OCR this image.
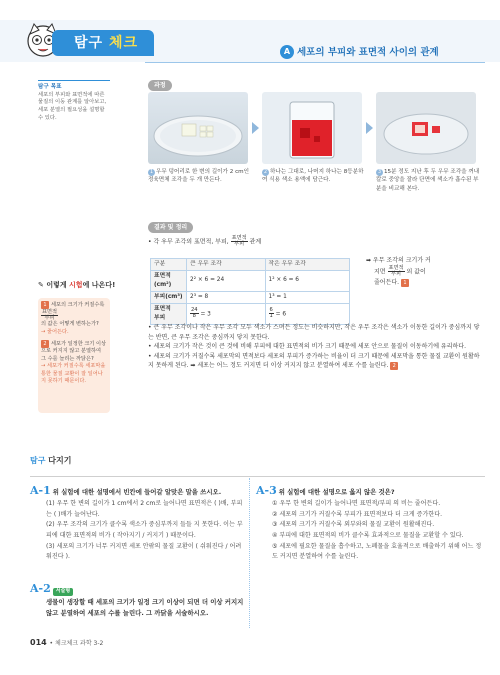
탐구 체크
A 세포의 부피와 표면적 사이의 관계
탐구 목표
세포의 부피와 표면적에 따른 물질의 이동 관계를 알아보고, 세포 분열의 필요성을 설명할 수 있다.
과정
1 우무 덩어리로 한 변의 길이가 2 cm인 정육면체 조각을 두 개 만든다.
2 하나는 그대로, 나머지 하나는 8등분하여 식용 색소 용액에 담근다.
3 15분 정도 지난 후 두 우무 조각을 꺼내 칼로 중앙을 잘라 단면에 색소가 흡수된 부분을 비교해 본다.
결과 및 정리
• 각 우무 조각의 표면적, 부피, $\frac{\text{표면적}}{\text{부피}}$ 관계
구분	큰 우무 조각	작은 우무 조각
표면적(cm²)	2² × 6 = 24	1² × 6 = 6
부피(cm³)	2³ = 8	1³ = 1
표면적
부피	$\frac{24}{8} = 3$	$\frac{6}{1} = 6$
➡ 우무 조각의 크기가 커
지면 $\frac{\text{표면적}}{\text{부피}}$ 의 값이
줄어든다. 1
• 큰 우무 조각이나 작은 우무 조각 모두 색소가 스며든 정도는 비슷하지만, 작은 우무 조각은 색소가 이동한 길이가 중심까지 닿는 반면, 큰 우무 조각은 중심까지 닿지 못한다.
• 세포의 크기가 작은 것이 큰 것에 비해 부피에 대한 표면적의 비가 크기 때문에 세포 안으로 물질이 이동하기에 유리하다.
• 세포의 크기가 커질수록 세포막의 면적보다 세포의 부피가 증가하는 비율이 더 크기 때문에 세포막을 통한 물질 교환이 원활하지 못하게 된다. ➡ 세포는 어느 정도 커지면 더 이상 커지지 않고 분열하여 세포 수를 늘린다. 2
✎ 이렇게 시험에 나온다!
1 세포의 크기가 커질수록
$\frac{\text{표면적}}{\text{부피}}$
의 값은 어떻게 변하는가?
→ 줄어든다.
2 세포가 일정한 크기 이상으로 커지지 않고 분열하여 그 수를 늘리는 까닭은?
→ 세포가 커질수록 세포막을 통한 물질 교환이 잘 일어나지 못하기 때문이다.
탐구 다지기
A-1 위 실험에 대한 설명에서 빈칸에 들어갈 알맞은 말을 쓰시오.
(1) 우무 한 변의 길이가 1 cm에서 2 cm로 늘어나면 표면적은 ( )배, 부피는 ( )배가 늘어난다.
(2) 우무 조각의 크기가 클수록 색소가 중심부까지 들들 지 못한다. 이는 부피에 대한 표면적의 비가 ( 작아지기 / 커지기 ) 때문이다.
(3) 세포의 크기가 너무 커지면 세포 안팎의 물질 교환이 ( 쉬워진다 / 어려워진다 ).
A-2 서술형
생물이 생장할 때 세포의 크기가 일정 크기 이상이 되면 더 이상 커지지 않고 분열하여 세포의 수를 늘린다. 그 까닭을 서술하시오.
A-3 위 실험에 대한 설명으로 옳지 않은 것은?
① 우무 한 변의 길이가 늘어나면 표면적/부피 의 비는 줄어든다.
② 세포의 크기가 커질수록 부피가 표면적보다 더 크게 증가한다.
③ 세포의 크기가 커질수록 외부와의 물질 교환이 원활해진다.
④ 부피에 대한 표면적의 비가 클수록 효과적으로 물질을 교환할 수 있다.
⑤ 세포에 필요한 물질을 흡수하고, 노폐물을 효율적으로 배출하기 위해 어느 정도 커지면 분열하여 수를 늘린다.
014 • 체크체크 과학 3-2
